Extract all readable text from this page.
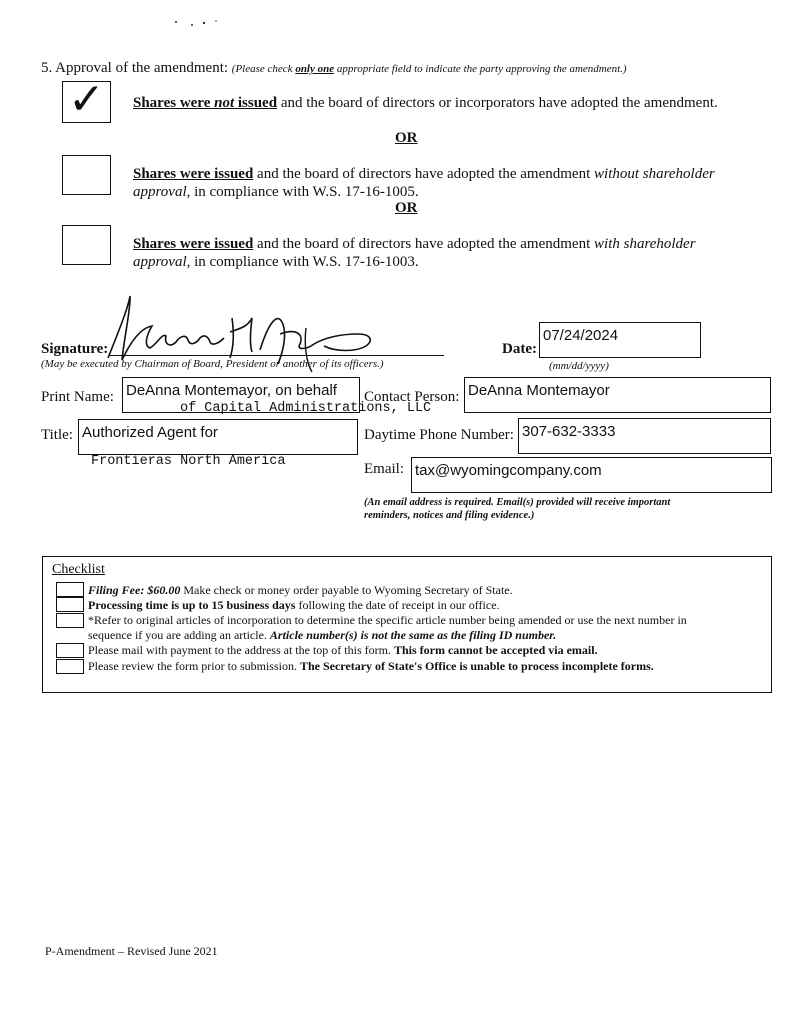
5. Approval of the amendment: (Please check only one appropriate field to indicate the party approving the amendment.)
✓ Shares were not issued and the board of directors or incorporators have adopted the amendment.
OR
Shares were issued and the board of directors have adopted the amendment without shareholder
approval, in compliance with W.S. 17-16-1005.
OR
Shares were issued and the board of directors have adopted the amendment with shareholder
approval, in compliance with W.S. 17-16-1003.
Signature:
(May be executed by Chairman of Board, President or another of its officers.)
Date:
07/24/2024
(mm/dd/yyyy)
Print Name: DeAnna Montemayor, on behalf
of Capital Administrations, LLC
Contact Person: DeAnna Montemayor
Title: Authorized Agent for
Frontieras North America
Daytime Phone Number: 307-632-3333
Email: tax@wyomingcompany.com
(An email address is required. Email(s) provided will receive important
reminders, notices and filing evidence.)
Checklist
Filing Fee: $60.00 Make check or money order payable to Wyoming Secretary of State.
Processing time is up to 15 business days following the date of receipt in our office.
*Refer to original articles of incorporation to determine the specific article number being amended or use the next number in
sequence if you are adding an article. Article number(s) is not the same as the filing ID number.
Please mail with payment to the address at the top of this form. This form cannot be accepted via email.
Please review the form prior to submission. The Secretary of State's Office is unable to process incomplete forms.
P-Amendment – Revised June 2021
